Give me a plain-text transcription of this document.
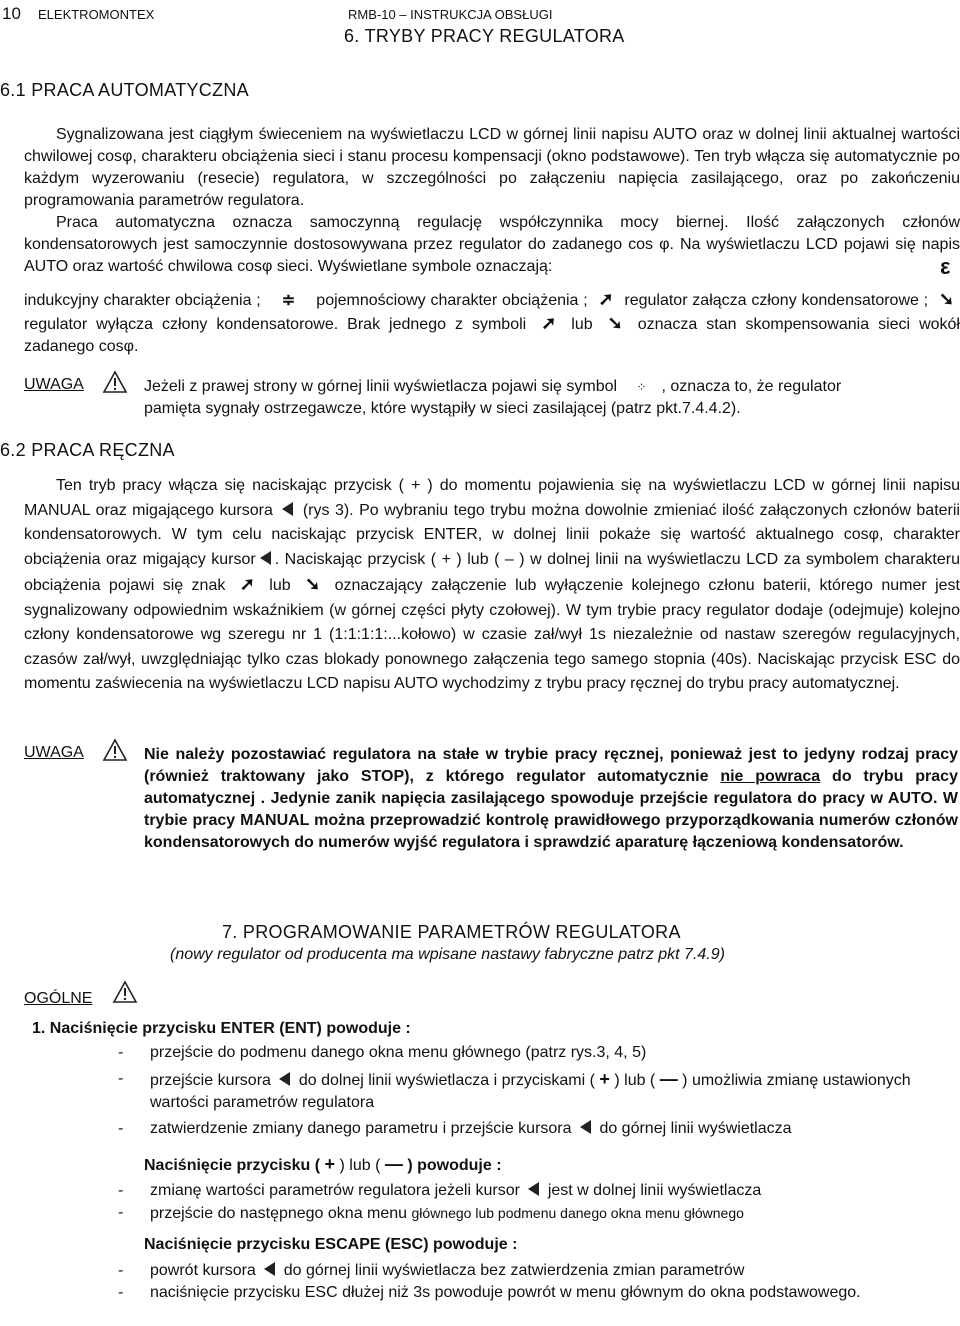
10 ELEKTROMONTEX	RMB-10 – INSTRUKCJA OBSŁUGI
6. TRYBY PRACY REGULATORA
6.1 PRACA AUTOMATYCZNA

Sygnalizowana jest ciągłym świeceniem na wyświetlaczu LCD w górnej linii napisu AUTO oraz w dolnej linii aktualnej wartości chwilowej cosφ, charakteru obciążenia sieci i stanu procesu kompensacji (okno podstawowe). Ten tryb włącza się automatycznie po każdym wyzerowaniu (resecie) regulatora, w szczególności po załączeniu napięcia zasilającego, oraz po zakończeniu programowania parametrów regulatora.

Praca automatyczna oznacza samoczynną regulację współczynnika mocy biernej. Ilość załączonych członów kondensatorowych jest samoczynnie dostosowywana przez regulator do zadanego cos φ. Na wyświetlaczu LCD pojawi się napis AUTO oraz wartość chwilowa cosφ sieci. Wyświetlane symbole oznaczają:	ε
indukcyjny charakter obciążenia ; ≑ pojemnościowy charakter obciążenia ; ➚ regulator załącza człony kondensatorowe ; ➘ regulator wyłącza człony kondensatorowe. Brak jednego z symboli ➚ lub ➘ oznacza stan skompensowania sieci wokół zadanego cosφ.
UWAGA	Jeżeli z prawej strony w górnej linii wyświetlacza pojawi się symbol ⁘ , oznacza to, że regulator
pamięta sygnały ostrzegawcze, które wystąpiły w sieci zasilającej (patrz pkt.7.4.4.2).
6.2 PRACA RĘCZNA
Ten tryb pracy włącza się naciskając przycisk ( + ) do momentu pojawienia się na wyświetlaczu LCD w górnej linii napisu MANUAL oraz migającego kursora (rys 3). Po wybraniu tego trybu można dowolnie zmieniać ilość załączonych członów baterii kondensatorowych. W tym celu naciskając przycisk ENTER, w dolnej linii pokaże się wartość aktualnego cosφ, charakter obciążenia oraz migający kursor . Naciskając przycisk ( + ) lub ( – ) w dolnej linii na wyświetlaczu LCD za symbolem charakteru obciążenia pojawi się znak ➚ lub ➘ oznaczający załączenie lub wyłączenie kolejnego członu baterii, którego numer jest sygnalizowany odpowiednim wskaźnikiem (w górnej części płyty czołowej). W tym trybie pracy regulator dodaje (odejmuje) kolejno człony kondensatorowe wg szeregu nr 1 (1:1:1:1:...kołowo) w czasie zał/wył 1s niezależnie od nastaw szeregów regulacyjnych, czasów zał/wył, uwzględniając tylko czas blokady ponownego załączenia tego samego stopnia (40s). Naciskając przycisk ESC do momentu zaświecenia na wyświetlaczu LCD napisu AUTO wychodzimy z trybu pracy ręcznej do trybu pracy automatycznej.
UWAGA	Nie należy pozostawiać regulatora na stałe w trybie pracy ręcznej, ponieważ jest to jedyny rodzaj pracy (również traktowany jako STOP), z którego regulator automatycznie nie powraca do trybu pracy automatycznej . Jedynie zanik napięcia zasilającego spowoduje przejście regulatora do pracy w AUTO. W trybie pracy MANUAL można przeprowadzić kontrolę prawidłowego przyporządkowania numerów członów kondensatorowych do numerów wyjść regulatora i sprawdzić aparaturę łączeniową kondensatorów.
7. PROGRAMOWANIE PARAMETRÓW REGULATORA
(nowy regulator od producenta ma wpisane nastawy fabryczne patrz pkt 7.4.9)
OGÓLNE
1. Naciśnięcie przycisku ENTER (ENT) powoduje :
- przejście do podmenu danego okna menu głównego (patrz rys.3, 4, 5)
- przejście kursora do dolnej linii wyświetlacza i przyciskami ( + ) lub ( — ) umożliwia zmianę ustawionych wartości parametrów regulatora
- zatwierdzenie zmiany danego parametru i przejście kursora do górnej linii wyświetlacza
Naciśnięcie przycisku ( + ) lub ( — ) powoduje :
- zmianę wartości parametrów regulatora jeżeli kursor jest w dolnej linii wyświetlacza
- przejście do następnego okna menu głównego lub podmenu danego okna menu głównego
Naciśnięcie przycisku ESCAPE (ESC) powoduje :
- powrót kursora do górnej linii wyświetlacza bez zatwierdzenia zmian parametrów
- naciśnięcie przycisku ESC dłużej niż 3s powoduje powrót w menu głównym do okna podstawowego.
